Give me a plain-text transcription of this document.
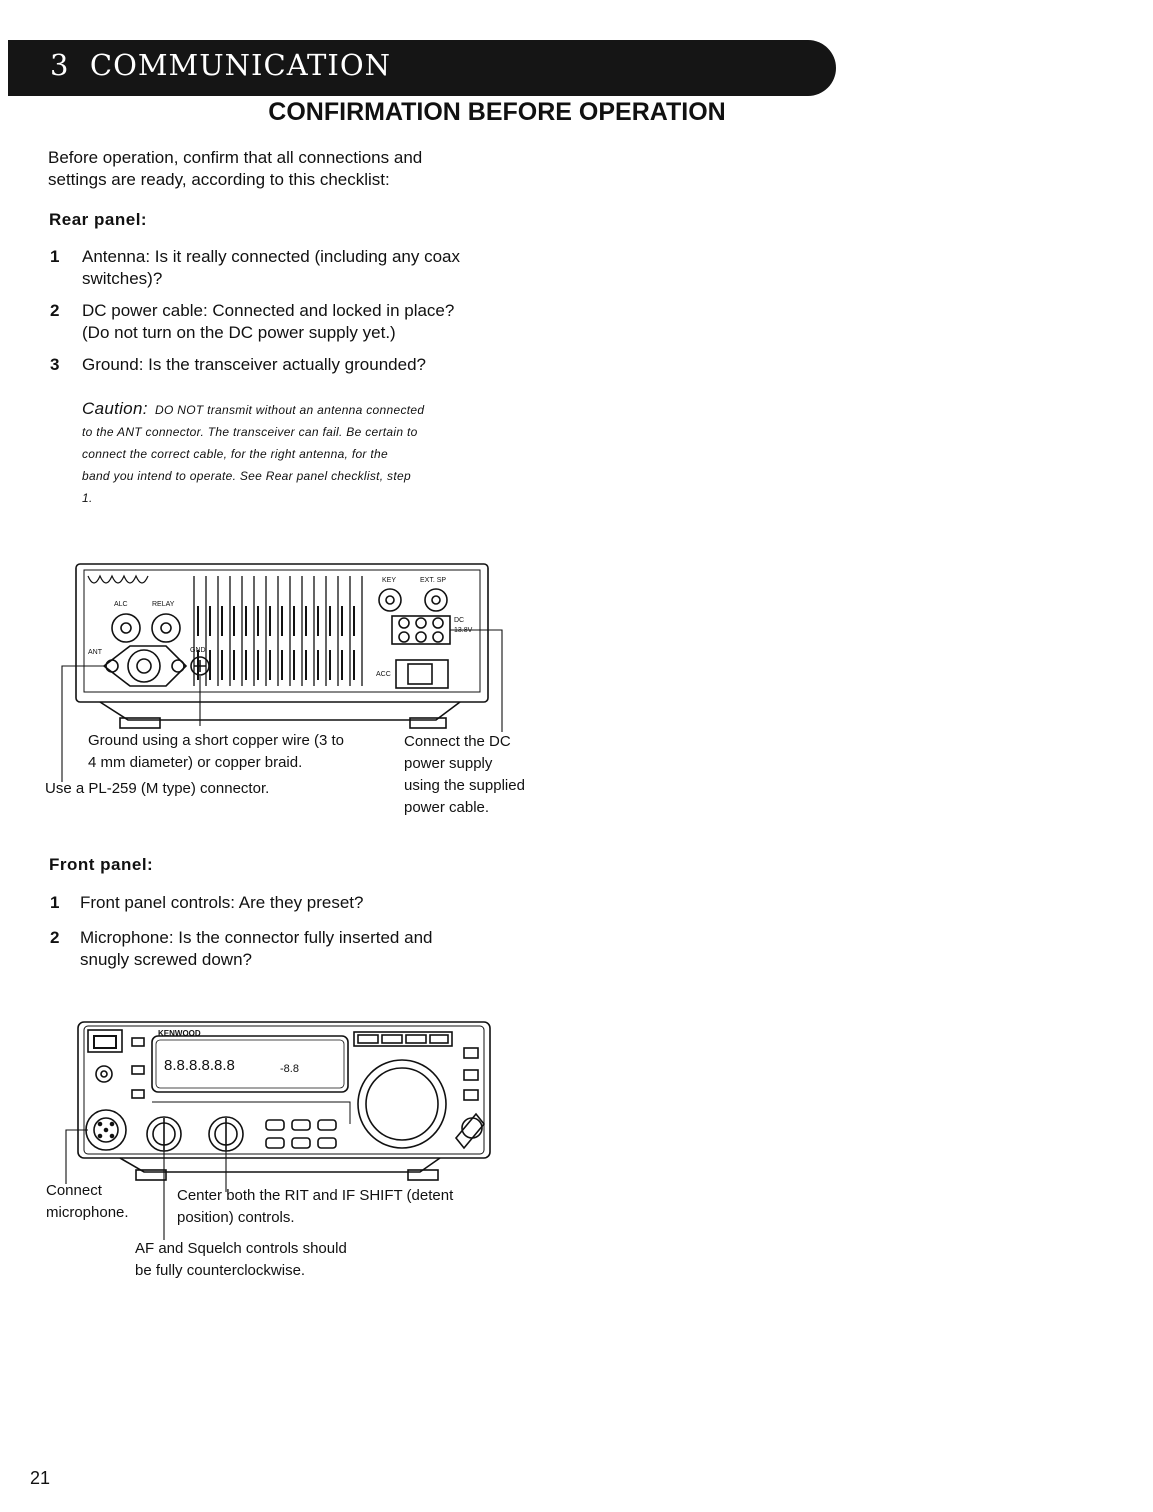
3 COMMUNICATION
CONFIRMATION BEFORE OPERATION
Before operation, confirm that all connections and
settings are ready, according to this checklist:
Rear panel:
1 Antenna: Is it really connected (including any coax
switches)?
2 DC power cable: Connected and locked in place?
(Do not turn on the DC power supply yet.)
3 Ground: Is the transceiver actually grounded?
Caution: DO NOT transmit without an antenna connected
to the ANT connector. The transceiver can fail. Be certain to
connect the correct cable, for the right antenna, for the
band you intend to operate. See Rear panel checklist, step
1.
ALC	RELAY
ANT	GND
KEY	EXT. SP
DC
13.8V
ACC
Ground using a short copper wire (3 to
4 mm diameter) or copper braid.
Use a PL-259 (M type) connector.
Connect the DC
power supply
using the supplied
power cable.
Front panel:
1 Front panel controls: Are they preset?
2 Microphone: Is the connector fully inserted and
snugly screwed down?
KENWOOD
8.8.8.8.8.8	-8.8
Connect
microphone.
Center both the RIT and IF SHIFT (detent
position) controls.
AF and Squelch controls should
be fully counterclockwise.
21
